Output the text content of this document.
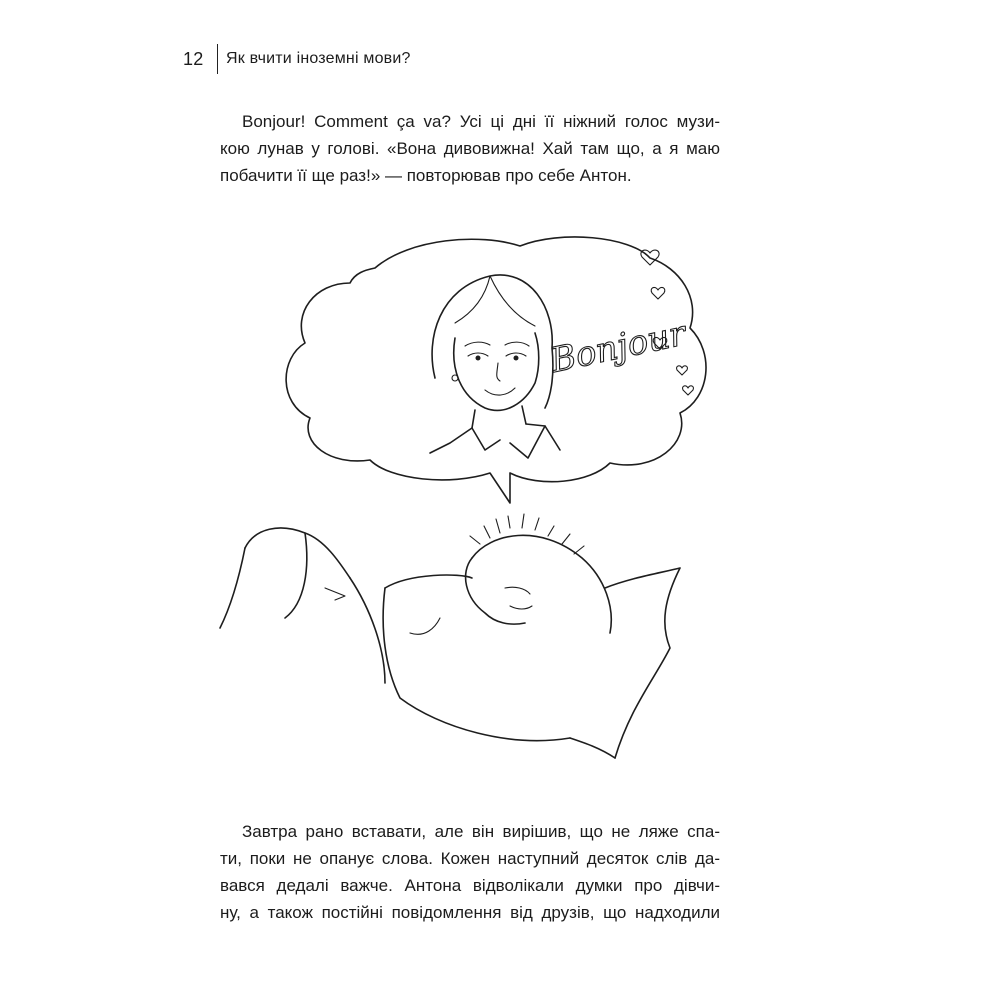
12	Як вчити іноземні мови?
Bonjour! Comment ça va? Усі ці дні її ніжний голос музи-
кою лунав у голові. «Вона дивовижна! Хай там що, а я маю
побачити її ще раз!» — повторював про себе Антон.
Bonjour
Завтра рано вставати, але він вирішив, що не ляже спа-
ти, поки не опанує слова. Кожен наступний десяток слів да-
вався дедалі важче. Антона відволікали думки про дівчи-
ну, а також постійні повідомлення від друзів, що надходили
